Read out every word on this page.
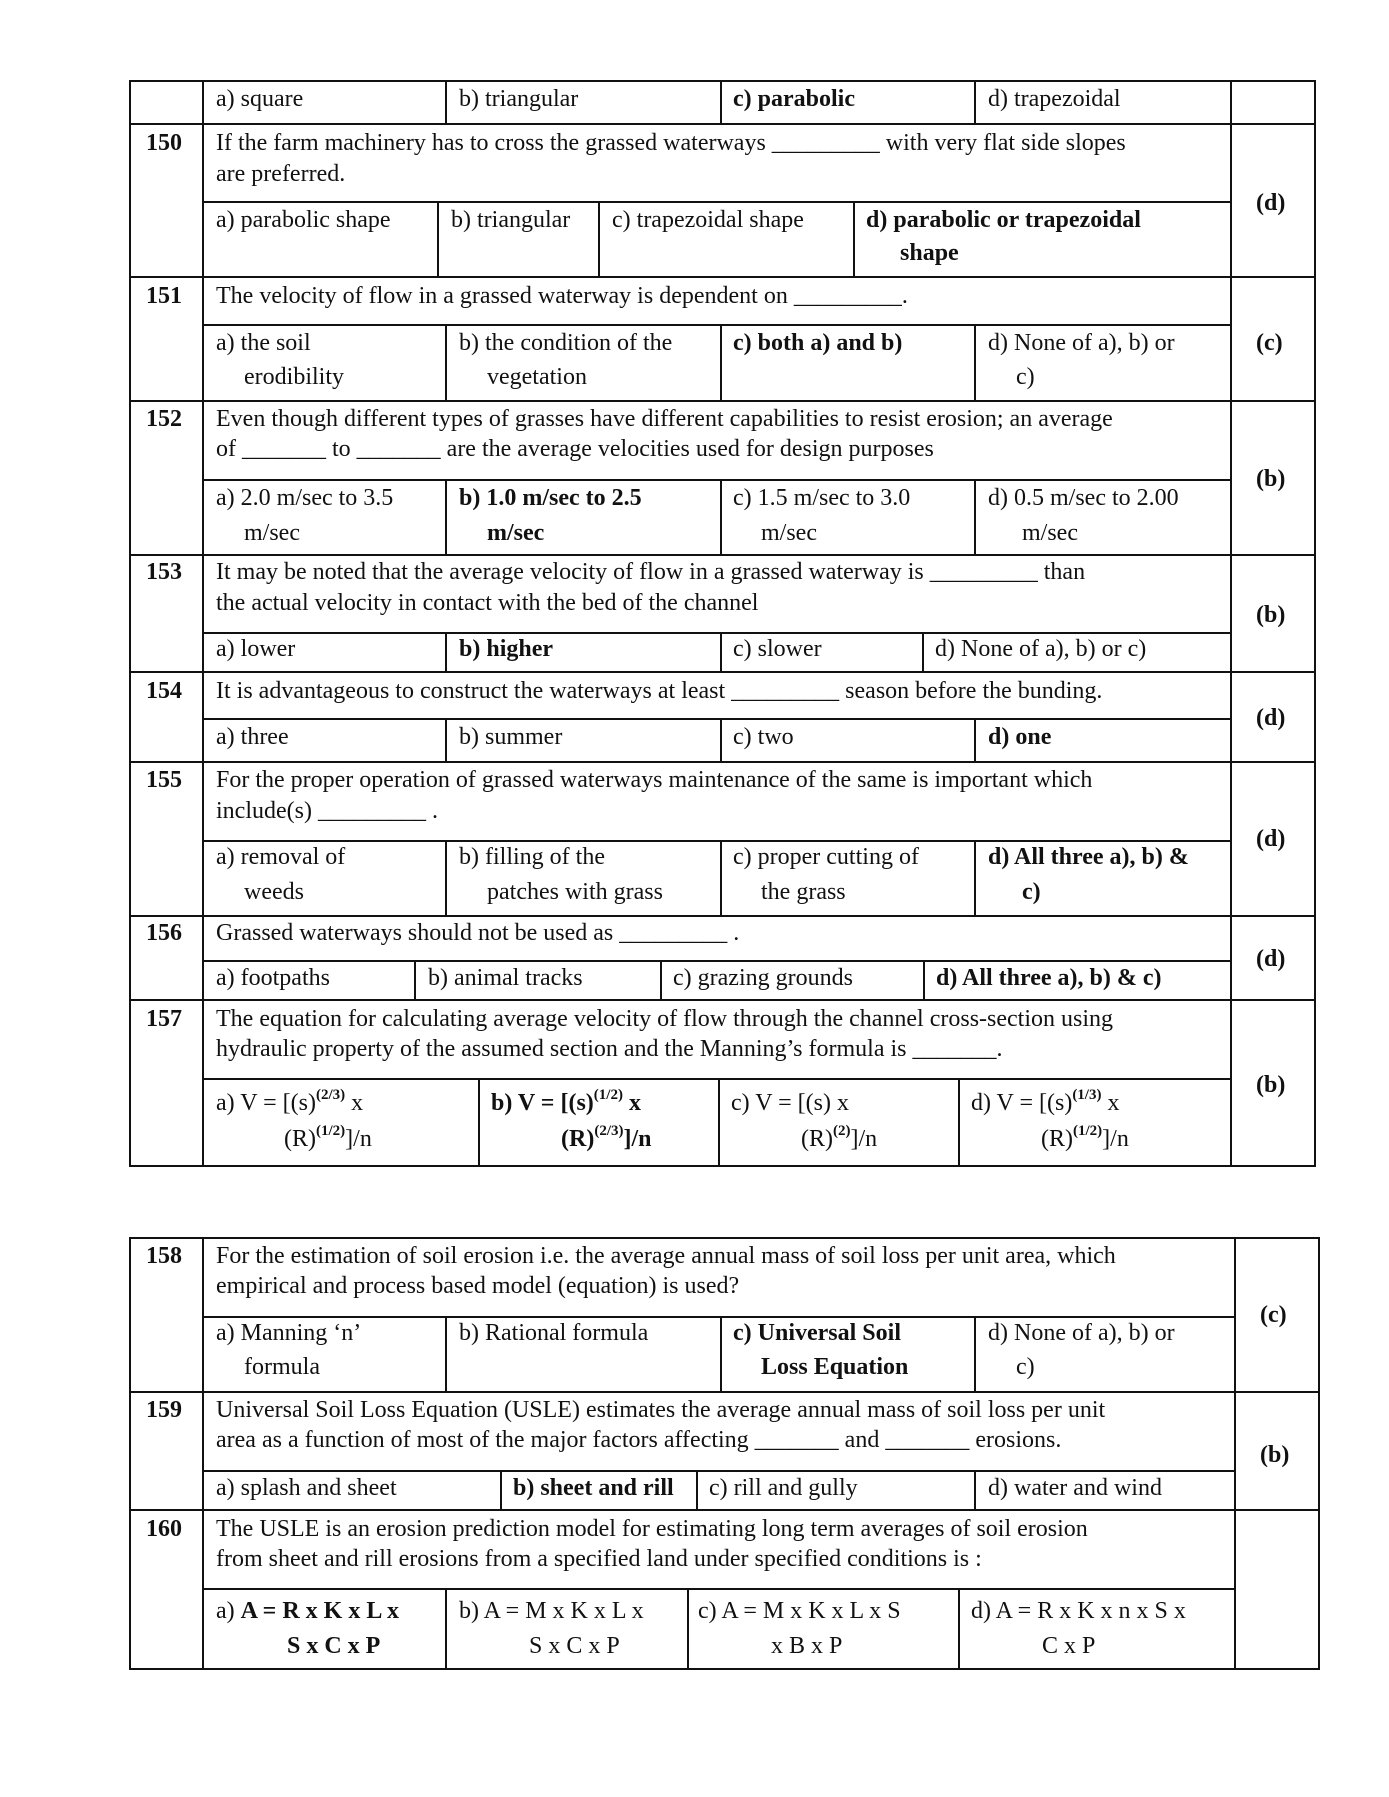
a) square	b) triangular	c) parabolic	d) trapezoidal
150 If the farm machinery has to cross the grassed waterways _________ with very flat side slopes
are preferred.
a) parabolic shape	b) triangular c) trapezoidal shape	d) parabolic or trapezoidal
shape
(d)
151 The velocity of flow in a grassed waterway is dependent on _________.
a) the soil
erodibility
b) the condition of the
vegetation
c) both a) and b)	d) None of a), b) or
c)
(c)
152 Even though different types of grasses have different capabilities to resist erosion; an average
of _______ to _______ are the average velocities used for design purposes
a) 2.0 m/sec to 3.5
m/sec
b) 1.0 m/sec to 2.5
m/sec
c) 1.5 m/sec to 3.0
m/sec
d) 0.5 m/sec to 2.00
m/sec
(b)
153 It may be noted that the average velocity of flow in a grassed waterway is _________ than
the actual velocity in contact with the bed of the channel
a) lower	b) higher	c) slower	d) None of a), b) or c)
(b)
154 It is advantageous to construct the waterways at least _________ season before the bunding.
a) three	b) summer	c) two	d) one
(d)
155 For the proper operation of grassed waterways maintenance of the same is important which
include(s) _________ .
a) removal of
weeds
b) filling of the
patches with grass
c) proper cutting of
the grass
d) All three a), b) &
c)
(d)
156 Grassed waterways should not be used as _________ .
a) footpaths	b) animal tracks	c) grazing grounds	d) All three a), b) & c)
(d)
157 The equation for calculating average velocity of flow through the channel cross-section using
hydraulic property of the assumed section and the Manning’s formula is _______.
a) $V = [(s)^{(2/3)}$ x
$(R)^{(1/2)}]/n$
b) $V = [(s)^{(1/2)}$ x
$(R)^{(2/3)}]/n$
c) V = [(s) x
$(R)^{(2)}]/n$
d) $V = [(s)^{(1/3)}$ x
$(R)^{(1/2)}]/n$
(b)
158 For the estimation of soil erosion i.e. the average annual mass of soil loss per unit area, which
empirical and process based model (equation) is used?
a) Manning ‘n’
formula
b) Rational formula	c) Universal Soil
Loss Equation
d) None of a), b) or
c)
(c)
159 Universal Soil Loss Equation (USLE) estimates the average annual mass of soil loss per unit
area as a function of most of the major factors affecting _______ and _______ erosions.
a) splash and sheet	b) sheet and rill c) rill and gully	d) water and wind
(b)
160 The USLE is an erosion prediction model for estimating long term averages of soil erosion
from sheet and rill erosions from a specified land under specified conditions is :
a) A = R x K x L x
S x C x P
b) A = M x K x L x
S x C x P
c) A = M x K x L x S
x B x P
d) A = R x K x n x S x
C x P
